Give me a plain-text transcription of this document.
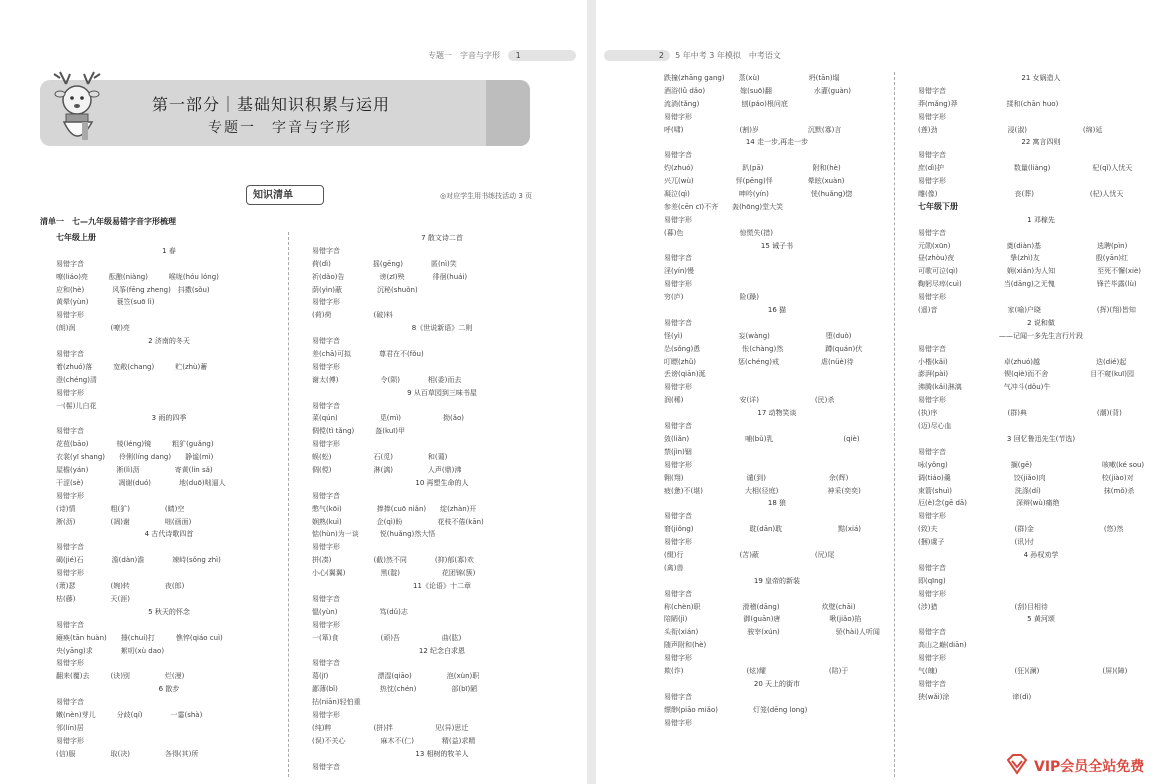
专题一　字音与字形 1
第一部分｜基础知识积累与运用
专题一　字音与字形
知识清单	◎对应学生用书练技活动 3 页
清单一　七—九年级易错字音字形梳理
七年级上册
1 春
易错字音
嘹(liáo)亮　　　酝酿(niàng)　　　喉咙(hóu lóng)
应和(hè)　　　　风筝(fēng zheng)　抖擞(sǒu)
黄晕(yùn)　　　　蓑笠(suō lì)
易错字形
(朗)润　　　　　(嘹)亮
2 济南的冬天
易错字音
着(zhuó)落　　　宽敞(chang)　　　贮(zhù)蓄
澄(chéng)清
易错字形
一(髻)儿白花
3 雨的四季
易错字音
花苞(bāo)　　　　棱(léng)镜　　　粗犷(guǎng)
衣裳(yī shang)　　伶俐(líng dang)　　静谧(mì)
屋檐(yán)　　　　淅(lì)沥　　　　　寄黄(lín sǎ)
干涩(sè)　　　　　凋谢(duó)　　　　地(duō)咄逼人
易错字形
(诗)情　　　　　粗(犷)　　　　　(睛)空
淅(沥)　　　　　(凋)谢　　　　　咄(画面)
4 古代诗歌四首
易错字音
碣(jié)石　　　　澹(dàn)澹　　　　竦峙(sǒng zhì)
易错字形
(萧)瑟　　　　　(婉)转　　　　　夜(郎)
枯(藤)　　　　　天(涯)
5 秋天的怀念
易错字音
瘫痪(tān huàn)　　捶(chuí)打　　　憔悴(qiáo cuì)
央(yāng)求　　　　絮叨(xù dao)
易错字形
翻来(覆)去　　　(诀)别　　　　　烂(漫)
6 散步
易错字音
嫩(nèn)芽儿　　　分歧(qí)　　　　一霎(shà)
邻(lín)居
易错字形
(信)服　　　　　取(决)　　　　　各得(其)所
7 散文诗二首
易错字音
荷(dì)　　　　　　摇(gēng)　　　　匿(nì)笑
祈(dǎo)告　　　　　谤(zī)殃　　　　徘徊(huái)
荫(yìn)蔽　　　　　沉秘(shuǒn)
易错字形
(荷)荷　　　　　　(破)料
8《世说新语》二则
易错字音
差(chā)可拟　　　　尊君在不(fǒu)
易错字形
谢太(傅)　　　　　　令(陨)　　　　相(委)而去
9 从百草园到三味书屋
易错字音
菜(qún)　　　　　　觅(mì)　　　　　　拗(ǎo)
倜傥(tì tǎng)　　　盔(kuī)甲
易错字形
蜈(蚣)　　　　　　石(觅)　　　　　和(蔼)
倜(傥)　　　　　　淋(漓)　　　　　人声(鼎)沸
10 再塑生命的人
易错字音
憋气(kōi)　　　　　捧捧(cuō niǎn)　　绽(zhàn)开
娴熟(kuì)　　　　　企(qì)盼　　　　　花枝不倦(kān)
惦(hùn)为一谈　　　悦(huǎng)然大悟
易错字形
拼(凑)　　　　　　(截)然不同　　　　(抑)郁(寡)欢
小心(翼翼)　　　　　黑(靛)　　　　　　花团锦(簇)
11《论语》十二章
易错字音
愠(yùn)　　　　　　笃(dǔ)志
易错字形
一(箪)食　　　　　　(顽)吾　　　　　　曲(肱)
12 纪念白求恩
易错字音
葛(jī)　　　　　　　漂湿(qiāo)　　　　　泡(xùn)职
鄙薄(bǐ)　　　　　　热忱(chén)　　　　　部(bī)陋
拈(niān)轻怕重
易错字形
(纯)粹　　　　　　(拼)拌　　　　　　见(异)思迁
(误)不关心　　　　　麻木不(仁)　　　　精(益)求精
13 相树的牧羊人
易错字音
2 5 年中考 3 年模拟　中考语文
跌撞(zhāng gang)　　蒸(xù)　　　　　　　坍(tān)塌
酒浴(lǜ dǎo)　　　　　嫁(suō)翻　　　　　　水灌(guàn)
流淌(tǎng)　　　　　　刨(páo)根问底
易错字形
呼(啸)　　　　　　　　(割)岁　　　　　　　沉默(寡)言
14 走一步,再走一步
易错字音
灼(zhuó)　　　　　　　趴(pā)　　　　　　　附和(hè)
兴兀(wù)　　　　　　怦(pēng)怦　　　　　晕眩(xuàn)
凝泣(qì)　　　　　　　呻吟(yín)　　　　　　恍(huǎng)惚
参差(cēn cī)不齐　　轰(hōng)堂大笑
易错字形
(暮)色　　　　　　　　惊慌失(措)
15 诫子书
易错字音
淫(yín)慢
易错字形
穷(庐)　　　　　　　　险(躁)
16 猫
易错字音
怪(yì)　　　　　　　　妄(wàng)　　　　　　　　堕(duò)
怂(sǒng)恿　　　　　　怅(chàng)然　　　　　　蹲(quán)伏
叮瞟(zhǔ)　　　　　　惩(chéng)戒　　　　　　虐(nüè)待
丢谤(qiān)涎
易错字形
润(稀)　　　　　　　　安(详)　　　　　　　　(民)杀
17 动物笑谈
易错字音
敛(liǎn)　　　　　　　　哺(bǔ)乳　　　　　　　　　　(qiè)
禁(jìn)锢
易错字形
翱(翔)　　　　　　　　　谴(到)　　　　　　　　　余(辉)
疲(惫)不(堪)　　　　　　大相(径庭)　　　　　　　神采(奕奕)
18 狼
易错字音
窘(jiǒng)　　　　　　　　耽(dān)耽　　　　　　　　黠(xiá)
易错字形
(缀)行　　　　　　　　(苫)蔽　　　　　　　　(尻)尾
(禽)兽
19 皇帝的新装
易错字音
称(chèn)职　　　　　　滑稽(dāng)　　　　　　炊壁(chāi)
陪陋(jì)　　　　　　　　御(guān)唐　　　　　　　啾(jiǎo)掐
头衔(xián)　　　　　　　骏宰(xún)　　　　　　　　骄(hài)人听闻
随声附和(hè)
易错字形
欺(诈)　　　　　　　　　(炫)耀　　　　　　　　　(陪)于
20 天上的街市
易错字音
缥缈(piāo miǎo)　　　　　灯笼(dēng long)
易错字形
21 女娲造人
易错字音
莽(mǎng)莽　　　　　　　揉和(chān huo)
易错字形
(莲)劲　　　　　　　　　　浸(淑)　　　　　　　　(绵)延
22 寓言四则
易错字音
庶(dì)护　　　　　　　　　　数量(liàng)　　　　　　杞(qǐ)人忧天
易错字形
雕(像)　　　　　　　　　　　丧(葬)　　　　　　　　(杞)人忧天
七年级下册
1 邓稼先
易错字音
元勋(xūn)　　　　　　　　奠(diàn)基　　　　　　　　选聘(pìn)
昼(zhòu)夜　　　　　　　　挚(zhì)友　　　　　　　　殷(yān)红
可歌可泣(qì)　　　　　　　娴(xián)为人知　　　　　　至死不懈(xiè)
鞠躬尽瘁(cuì)　　　　　　当(dāng)之无愧　　　　　　锋芒毕露(lù)
易错字形
(遥)音　　　　　　　　　　家(喻)户晓　　　　　　　　(挥)(翔)皆知
2 说和做
——记闻一多先生言行片段
易错字音
小楷(kǎi)　　　　　　　　卓(zhuó)越　　　　　　　　迭(dié)起
澎湃(pài)　　　　　　　　锲(qiè)而不舍　　　　　　目不窥(kuī)园
沸腾(kǎi)淋漓　　　　　　气冲斗(dǒu)牛
易错字形
(执)序　　　　　　　　　　(群)典　　　　　　　　　　(潮)(背)
(迈)尽心血
3 回忆鲁迅先生(节选)
易错字音
咏(yǒng)　　　　　　　　　搁(gē)　　　　　　　　　　咳嗽(ké sou)
调(tiáo)羹　　　　　　　　　饺(jiǎo)肉　　　　　　　　校(jiào)对
束箭(shuì)　　　　　　　　　洗涤(dí)　　　　　　　　　抹(mǒ)杀
厄(è)念(gē dā)　　　　　　　深辩(wù)痛绝
易错字形
(致)夫　　　　　　　　　　　(群)金　　　　　　　　　　(悠)然
(捆)虞子　　　　　　　　　　(讯)付
4 孙权劝学
易错字音
即(qīng)
易错字形
(涉)猎　　　　　　　　　　　(刮)目相待
5 黄河颂
易错字音
高山之巅(diān)
易错字形
气(魄)　　　　　　　　　　　(狂)(澜)　　　　　　　　　(屏)(障)
易错字音
狭(wǎi)涂　　　　　　　　　谛(dì)
VIP会员全站免费
